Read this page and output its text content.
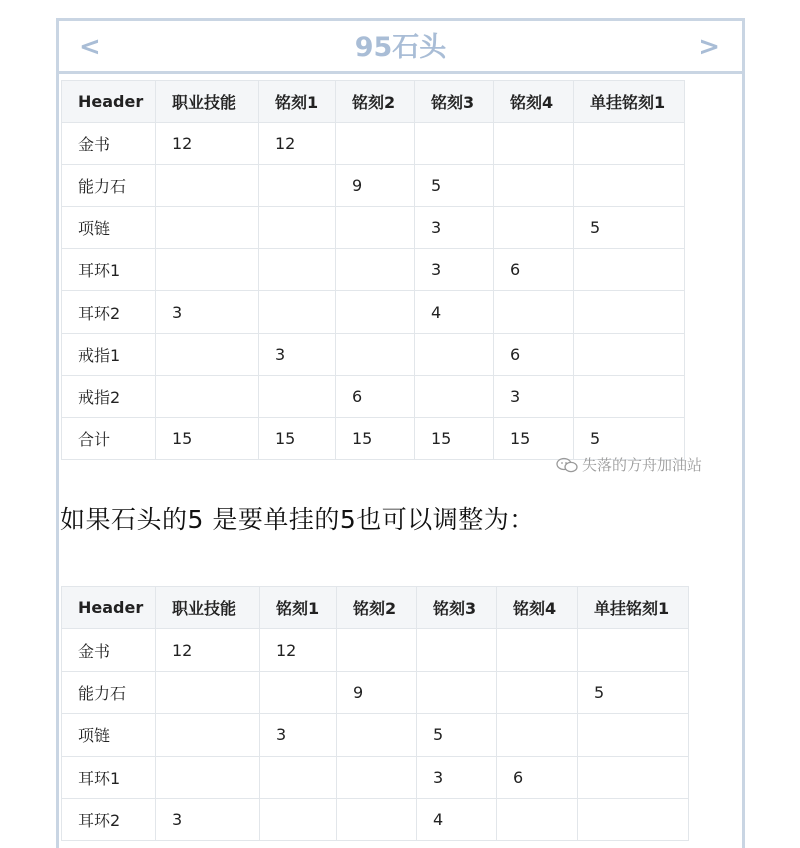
<	95石头	>
Header	职业技能	铭刻1	铭刻2	铭刻3	铭刻4	单挂铭刻1
金书	12	12				
能力石			9	5		
项链				3		5
耳环1				3	6	
耳环2	3			4		
戒指1		3			6	
戒指2			6		3	
合计	15	15	15	15	15	5
失落的方舟加油站
如果石头的5 是要单挂的5也可以调整为：
Header	职业技能	铭刻1	铭刻2	铭刻3	铭刻4	单挂铭刻1
金书	12	12				
能力石			9			5
项链		3		5		
耳环1				3	6	
耳环2	3			4		
